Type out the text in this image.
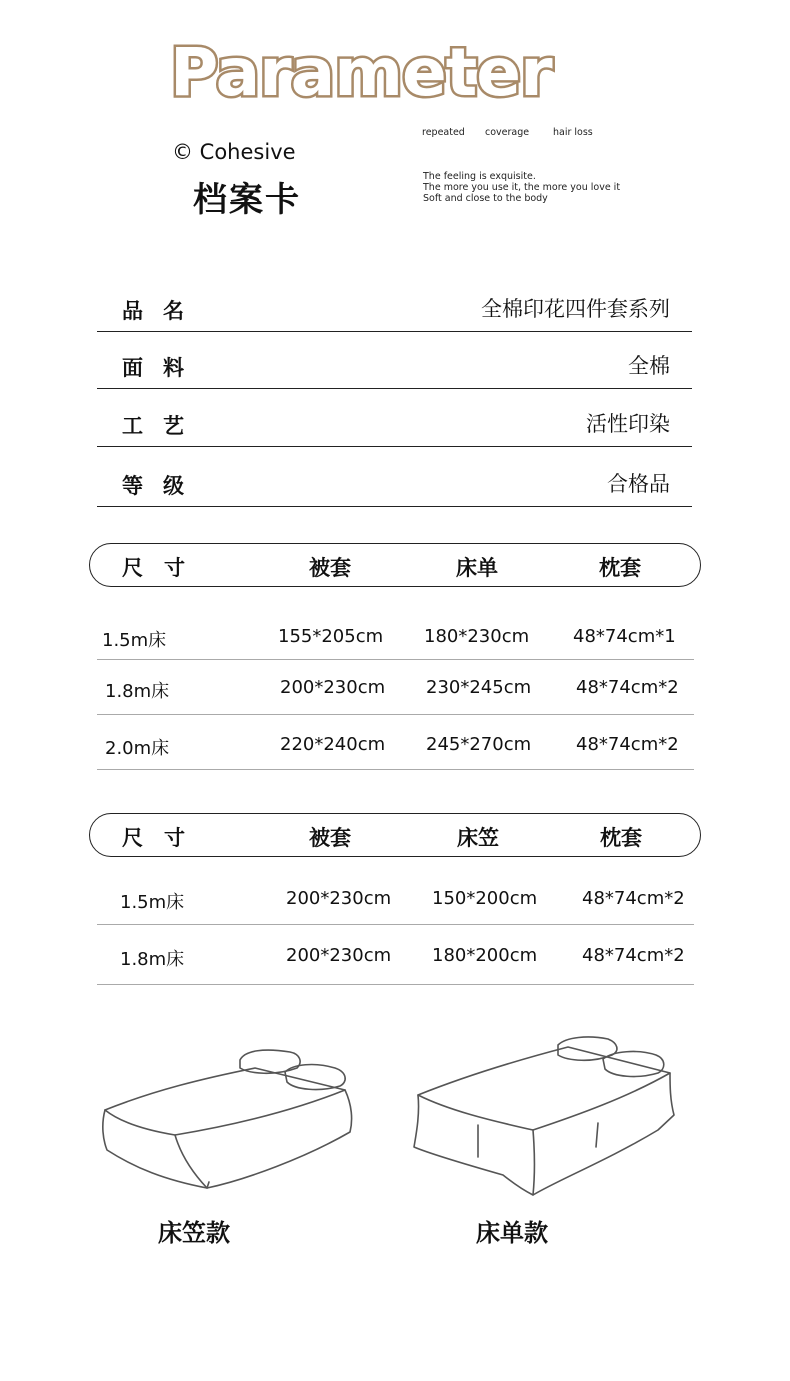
Parameter
© Cohesive
档案卡
repeated	coverage	hair loss
The feeling is exquisite.
The more you use it, the more you love it
Soft and close to the body
品名	全棉印花四件套系列
面料	全棉
工艺	活性印染
等级	合格品
尺　寸	被套	床单	枕套
1.5m床	155*205cm 180*230cm 48*74cm*1
1.8m床	200*230cm 230*245cm 48*74cm*2
2.0m床	220*240cm 245*270cm 48*74cm*2
尺　寸	被套	床笠	枕套
1.5m床	200*230cm 150*200cm 48*74cm*2
1.8m床	200*230cm 180*200cm 48*74cm*2
床笠款	床单款
